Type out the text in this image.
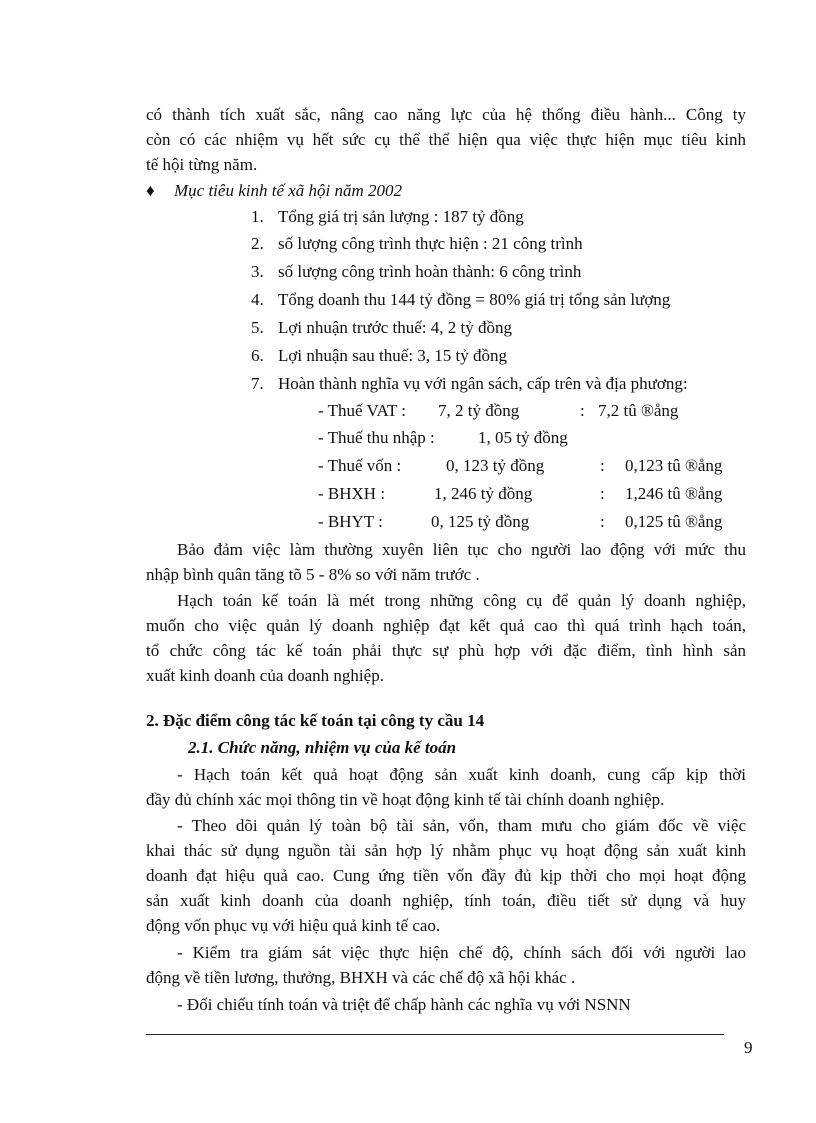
có thành tích xuất sắc, nâng cao năng lực của hệ thống điều hành... Công ty
còn có các nhiệm vụ hết sức cụ thể thể hiện qua việc thực hiện mục tiêu kinh
tế hội từng năm.
♦ Mục tiêu kinh tế xã hội năm 2002
1. Tổng giá trị sản lượng : 187 tỷ đồng
2. số lượng công trình thực hiện : 21 công trình
3. số lượng công trình hoàn thành: 6 công trình
4. Tổng doanh thu 144 tỷ đồng = 80% giá trị tổng sản lượng
5. Lợi nhuận trước thuế: 4, 2 tỷ đồng
6. Lợi nhuận sau thuế: 3, 15 tỷ đồng
7. Hoàn thành nghĩa vụ với ngân sách, cấp trên và địa phương:
- Thuế VAT : 7, 2 tỷ đồng	: 7,2 tû ®ång
- Thuế thu nhập :	1, 05 tỷ đồng
- Thuế vốn :	0, 123 tỷ đồng	: 0,123 tû ®ång
- BHXH :	1, 246 tỷ đồng	: 1,246 tû ®ång
- BHYT :	0, 125 tỷ đồng	: 0,125 tû ®ång
Bảo đảm việc làm thường xuyên liên tục cho người lao động với mức thu
nhập bình quân tăng tõ 5 - 8% so với năm trước .
Hạch toán kế toán là mét trong những công cụ để quản lý doanh nghiệp,
muốn cho việc quản lý doanh nghiệp đạt kết quả cao thì quá trình hạch toán,
tổ chức công tác kế toán phải thực sự phù hợp với đặc điểm, tình hình sản
xuất kinh doanh của doanh nghiệp.
2. Đặc điểm công tác kế toán tại công ty cầu 14
2.1. Chức năng, nhiệm vụ của kế toán
- Hạch toán kết quả hoạt động sản xuất kinh doanh, cung cấp kịp thời
đầy đủ chính xác mọi thông tin về hoạt động kinh tế tài chính doanh nghiệp.
- Theo dõi quản lý toàn bộ tài sản, vốn, tham mưu cho giám đốc về việc
khai thác sử dụng nguồn tài sản hợp lý nhằm phục vụ hoạt động sản xuất kinh
doanh đạt hiệu quả cao. Cung ứng tiền vốn đầy đủ kịp thời cho mọi hoạt động
sản xuất kinh doanh của doanh nghiệp, tính toán, điều tiết sử dụng và huy
động vốn phục vụ với hiệu quả kinh tế cao.
- Kiểm tra giám sát việc thực hiện chế độ, chính sách đối với người lao
động về tiền lương, thưởng, BHXH và các chế độ xã hội khác .
- Đối chiếu tính toán và triệt để chấp hành các nghĩa vụ với NSNN
9
